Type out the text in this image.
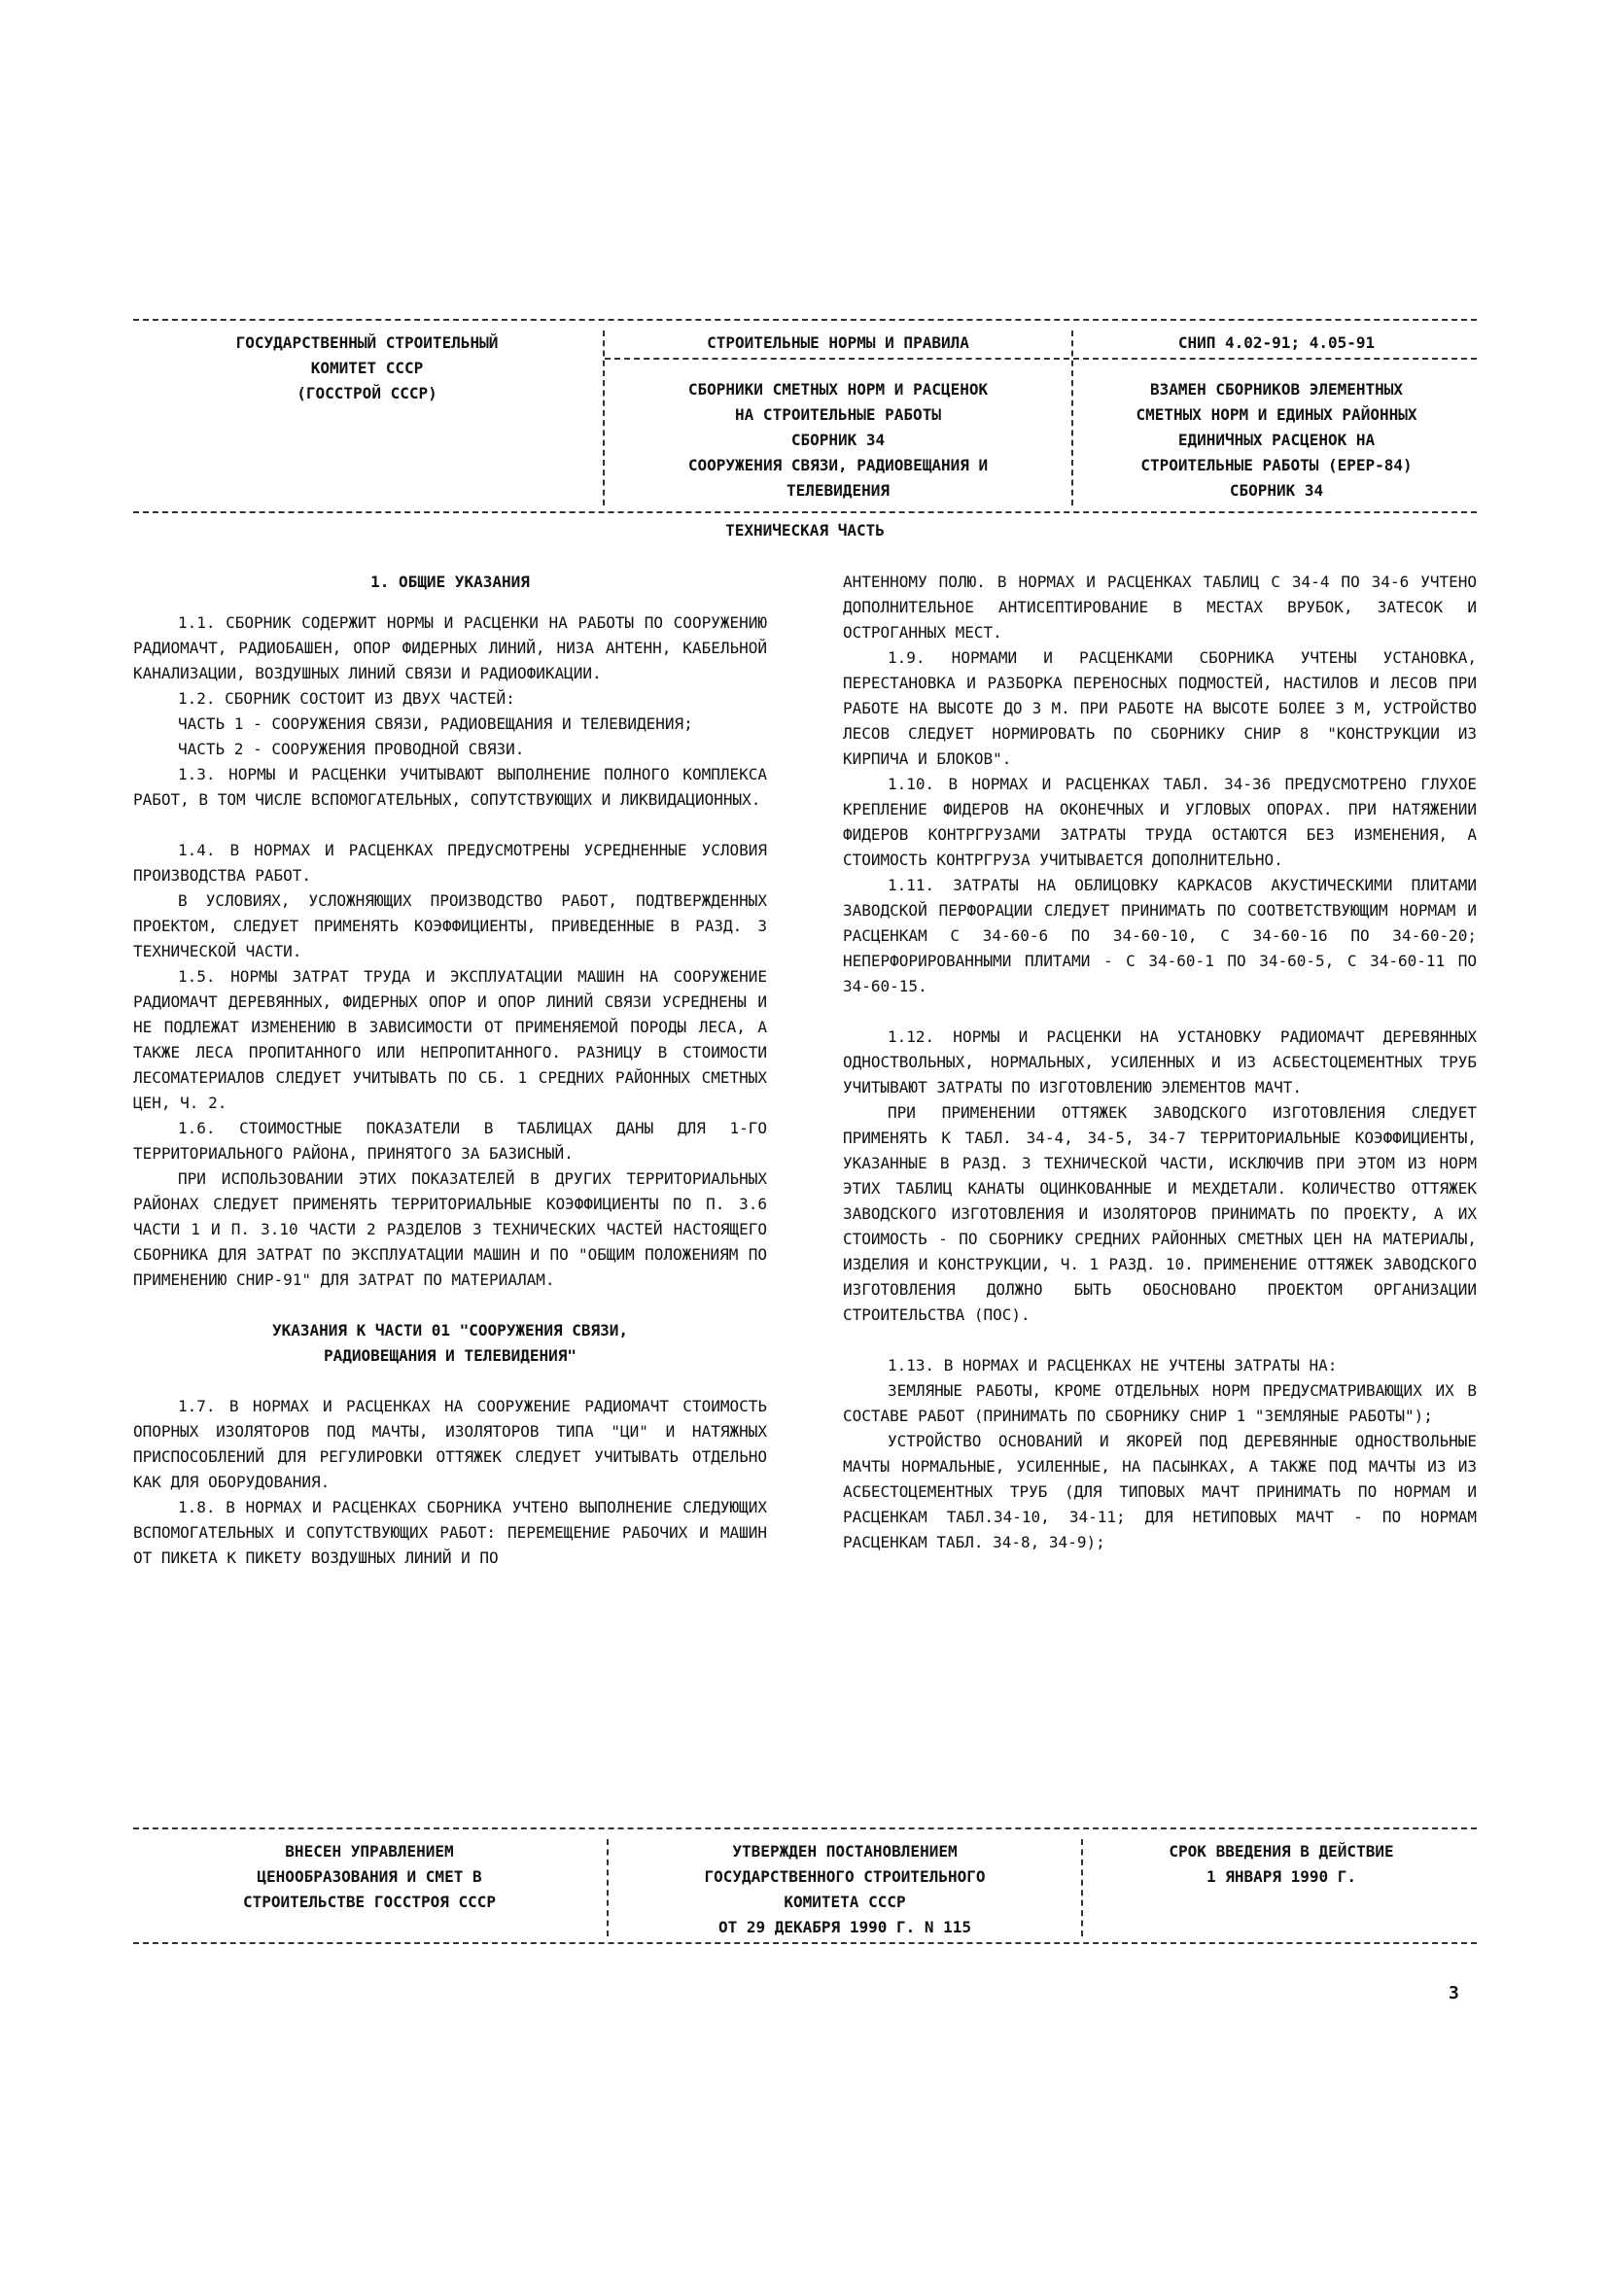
ГОСУДАРСТВЕННЫЙ СТРОИТЕЛЬНЫЙ
КОМИТЕТ СССР
(ГОССТРОЙ СССР)
СТРОИТЕЛЬНЫЕ НОРМЫ И ПРАВИЛА
СБОРНИКИ СМЕТНЫХ НОРМ И РАСЦЕНОК
НА СТРОИТЕЛЬНЫЕ РАБОТЫ
СБОРНИК 34
СООРУЖЕНИЯ СВЯЗИ, РАДИОВЕЩАНИЯ И
ТЕЛЕВИДЕНИЯ
СНИП 4.02-91; 4.05-91
ВЗАМЕН СБОРНИКОВ ЭЛЕМЕНТНЫХ
СМЕТНЫХ НОРМ И ЕДИНЫХ РАЙОННЫХ
ЕДИНИЧНЫХ РАСЦЕНОК НА
СТРОИТЕЛЬНЫЕ РАБОТЫ (ЕРЕР-84)
СБОРНИК 34
ТЕХНИЧЕСКАЯ ЧАСТЬ
1. ОБЩИЕ УКАЗАНИЯ

1.1. СБОРНИК СОДЕРЖИТ НОРМЫ И РАСЦЕНКИ НА РАБОТЫ ПО СООРУЖЕНИЮ РАДИОМАЧТ, РАДИОБАШЕН, ОПОР ФИДЕРНЫХ ЛИНИЙ, НИЗА АНТЕНН, КАБЕЛЬНОЙ КАНАЛИЗАЦИИ, ВОЗДУШНЫХ ЛИНИЙ СВЯЗИ И РАДИОФИКАЦИИ.

1.2. СБОРНИК СОСТОИТ ИЗ ДВУХ ЧАСТЕЙ:

ЧАСТЬ 1 - СООРУЖЕНИЯ СВЯЗИ, РАДИОВЕЩАНИЯ И ТЕЛЕВИДЕНИЯ;

ЧАСТЬ 2 - СООРУЖЕНИЯ ПРОВОДНОЙ СВЯЗИ.

1.3. НОРМЫ И РАСЦЕНКИ УЧИТЫВАЮТ ВЫПОЛНЕНИЕ ПОЛНОГО КОМПЛЕКСА РАБОТ, В ТОМ ЧИСЛЕ ВСПОМОГАТЕЛЬНЫХ, СОПУТСТВУЮЩИХ И ЛИКВИДАЦИОННЫХ.

1.4. В НОРМАХ И РАСЦЕНКАХ ПРЕДУСМОТРЕНЫ УСРЕДНЕННЫЕ УСЛОВИЯ ПРОИЗВОДСТВА РАБОТ.

В УСЛОВИЯХ, УСЛОЖНЯЮЩИХ ПРОИЗВОДСТВО РАБОТ, ПОДТВЕРЖДЕННЫХ ПРОЕКТОМ, СЛЕДУЕТ ПРИМЕНЯТЬ КОЭФФИЦИЕНТЫ, ПРИВЕДЕННЫЕ В РАЗД. 3 ТЕХНИЧЕСКОЙ ЧАСТИ.

1.5. НОРМЫ ЗАТРАТ ТРУДА И ЭКСПЛУАТАЦИИ МАШИН НА СООРУЖЕНИЕ РАДИОМАЧТ ДЕРЕВЯННЫХ, ФИДЕРНЫХ ОПОР И ОПОР ЛИНИЙ СВЯЗИ УСРЕДНЕНЫ И НЕ ПОДЛЕЖАТ ИЗМЕНЕНИЮ В ЗАВИСИМОСТИ ОТ ПРИМЕНЯЕМОЙ ПОРОДЫ ЛЕСА, А ТАКЖЕ ЛЕСА ПРОПИТАННОГО ИЛИ НЕПРОПИТАННОГО. РАЗНИЦУ В СТОИМОСТИ ЛЕСОМАТЕРИАЛОВ СЛЕДУЕТ УЧИТЫВАТЬ ПО СБ. 1 СРЕДНИХ РАЙОННЫХ СМЕТНЫХ ЦЕН, Ч. 2.

1.6. СТОИМОСТНЫЕ ПОКАЗАТЕЛИ В ТАБЛИЦАХ ДАНЫ ДЛЯ 1-ГО ТЕРРИТОРИАЛЬНОГО РАЙОНА, ПРИНЯТОГО ЗА БАЗИСНЫЙ.

ПРИ ИСПОЛЬЗОВАНИИ ЭТИХ ПОКАЗАТЕЛЕЙ В ДРУГИХ ТЕРРИТОРИАЛЬНЫХ РАЙОНАХ СЛЕДУЕТ ПРИМЕНЯТЬ ТЕРРИТОРИАЛЬНЫЕ КОЭФФИЦИЕНТЫ ПО П. 3.6 ЧАСТИ 1 И П. 3.10 ЧАСТИ 2 РАЗДЕЛОВ 3 ТЕХНИЧЕСКИХ ЧАСТЕЙ НАСТОЯЩЕГО СБОРНИКА ДЛЯ ЗАТРАТ ПО ЭКСПЛУАТАЦИИ МАШИН И ПО "ОБЩИМ ПОЛОЖЕНИЯМ ПО ПРИМЕНЕНИЮ СНИР-91" ДЛЯ ЗАТРАТ ПО МАТЕРИАЛАМ.

УКАЗАНИЯ К ЧАСТИ 01 "СООРУЖЕНИЯ СВЯЗИ,
РАДИОВЕЩАНИЯ И ТЕЛЕВИДЕНИЯ"

1.7. В НОРМАХ И РАСЦЕНКАХ НА СООРУЖЕНИЕ РАДИОМАЧТ СТОИМОСТЬ ОПОРНЫХ ИЗОЛЯТОРОВ ПОД МАЧТЫ, ИЗОЛЯТОРОВ ТИПА "ЦИ" И НАТЯЖНЫХ ПРИСПОСОБЛЕНИЙ ДЛЯ РЕГУЛИРОВКИ ОТТЯЖЕК СЛЕДУЕТ УЧИТЫВАТЬ ОТДЕЛЬНО КАК ДЛЯ ОБОРУДОВАНИЯ.

1.8. В НОРМАХ И РАСЦЕНКАХ СБОРНИКА УЧТЕНО ВЫПОЛНЕНИЕ СЛЕДУЮЩИХ ВСПОМОГАТЕЛЬНЫХ И СОПУТСТВУЮЩИХ РАБОТ: ПЕРЕМЕЩЕНИЕ РАБОЧИХ И МАШИН ОТ ПИКЕТА К ПИКЕТУ ВОЗДУШНЫХ ЛИНИЙ И ПО

АНТЕННОМУ ПОЛЮ. В НОРМАХ И РАСЦЕНКАХ ТАБЛИЦ С 34-4 ПО 34-6 УЧТЕНО ДОПОЛНИТЕЛЬНОЕ АНТИСЕПТИРОВАНИЕ В МЕСТАХ ВРУБОК, ЗАТЕСОК И ОСТРОГАННЫХ МЕСТ.

1.9. НОРМАМИ И РАСЦЕНКАМИ СБОРНИКА УЧТЕНЫ УСТАНОВКА, ПЕРЕСТАНОВКА И РАЗБОРКА ПЕРЕНОСНЫХ ПОДМОСТЕЙ, НАСТИЛОВ И ЛЕСОВ ПРИ РАБОТЕ НА ВЫСОТЕ ДО 3 М. ПРИ РАБОТЕ НА ВЫСОТЕ БОЛЕЕ 3 М, УСТРОЙСТВО ЛЕСОВ СЛЕДУЕТ НОРМИРОВАТЬ ПО СБОРНИКУ СНИР 8 "КОНСТРУКЦИИ ИЗ КИРПИЧА И БЛОКОВ".

1.10. В НОРМАХ И РАСЦЕНКАХ ТАБЛ. 34-36 ПРЕДУСМОТРЕНО ГЛУХОЕ КРЕПЛЕНИЕ ФИДЕРОВ НА ОКОНЕЧНЫХ И УГЛОВЫХ ОПОРАХ. ПРИ НАТЯЖЕНИИ ФИДЕРОВ КОНТРГРУЗАМИ ЗАТРАТЫ ТРУДА ОСТАЮТСЯ БЕЗ ИЗМЕНЕНИЯ, А СТОИМОСТЬ КОНТРГРУЗА УЧИТЫВАЕТСЯ ДОПОЛНИТЕЛЬНО.

1.11. ЗАТРАТЫ НА ОБЛИЦОВКУ КАРКАСОВ АКУСТИЧЕСКИМИ ПЛИТАМИ ЗАВОДСКОЙ ПЕРФОРАЦИИ СЛЕДУЕТ ПРИНИМАТЬ ПО СООТВЕТСТВУЮЩИМ НОРМАМ И РАСЦЕНКАМ С 34-60-6 ПО 34-60-10, С 34-60-16 ПО 34-60-20; НЕПЕРФОРИРОВАННЫМИ ПЛИТАМИ - С 34-60-1 ПО 34-60-5, С 34-60-11 ПО 34-60-15.

1.12. НОРМЫ И РАСЦЕНКИ НА УСТАНОВКУ РАДИОМАЧТ ДЕРЕВЯННЫХ ОДНОСТВОЛЬНЫХ, НОРМАЛЬНЫХ, УСИЛЕННЫХ И ИЗ АСБЕСТОЦЕМЕНТНЫХ ТРУБ УЧИТЫВАЮТ ЗАТРАТЫ ПО ИЗГОТОВЛЕНИЮ ЭЛЕМЕНТОВ МАЧТ.

ПРИ ПРИМЕНЕНИИ ОТТЯЖЕК ЗАВОДСКОГО ИЗГОТОВЛЕНИЯ СЛЕДУЕТ ПРИМЕНЯТЬ К ТАБЛ. 34-4, 34-5, 34-7 ТЕРРИТОРИАЛЬНЫЕ КОЭФФИЦИЕНТЫ, УКАЗАННЫЕ В РАЗД. 3 ТЕХНИЧЕСКОЙ ЧАСТИ, ИСКЛЮЧИВ ПРИ ЭТОМ ИЗ НОРМ ЭТИХ ТАБЛИЦ КАНАТЫ ОЦИНКОВАННЫЕ И МЕХДЕТАЛИ. КОЛИЧЕСТВО ОТТЯЖЕК ЗАВОДСКОГО ИЗГОТОВЛЕНИЯ И ИЗОЛЯТОРОВ ПРИНИМАТЬ ПО ПРОЕКТУ, А ИХ СТОИМОСТЬ - ПО СБОРНИКУ СРЕДНИХ РАЙОННЫХ СМЕТНЫХ ЦЕН НА МАТЕРИАЛЫ, ИЗДЕЛИЯ И КОНСТРУКЦИИ, Ч. 1 РАЗД. 10. ПРИМЕНЕНИЕ ОТТЯЖЕК ЗАВОДСКОГО ИЗГОТОВЛЕНИЯ ДОЛЖНО БЫТЬ ОБОСНОВАНО ПРОЕКТОМ ОРГАНИЗАЦИИ СТРОИТЕЛЬСТВА (ПОС).

1.13. В НОРМАХ И РАСЦЕНКАХ НЕ УЧТЕНЫ ЗАТРАТЫ НА:

ЗЕМЛЯНЫЕ РАБОТЫ, КРОМЕ ОТДЕЛЬНЫХ НОРМ ПРЕДУСМАТРИВАЮЩИХ ИХ В СОСТАВЕ РАБОТ (ПРИНИМАТЬ ПО СБОРНИКУ СНИР 1 "ЗЕМЛЯНЫЕ РАБОТЫ");

УСТРОЙСТВО ОСНОВАНИЙ И ЯКОРЕЙ ПОД ДЕРЕВЯННЫЕ ОДНОСТВОЛЬНЫЕ МАЧТЫ НОРМАЛЬНЫЕ, УСИЛЕННЫЕ, НА ПАСЫНКАХ, А ТАКЖЕ ПОД МАЧТЫ ИЗ ИЗ АСБЕСТОЦЕМЕНТНЫХ ТРУБ (ДЛЯ ТИПОВЫХ МАЧТ ПРИНИМАТЬ ПО НОРМАМ И РАСЦЕНКАМ ТАБЛ.34-10, 34-11; ДЛЯ НЕТИПОВЫХ МАЧТ - ПО НОРМАМ РАСЦЕНКАМ ТАБЛ. 34-8, 34-9);

ВНЕСЕН УПРАВЛЕНИЕМ
ЦЕНООБРАЗОВАНИЯ И СМЕТ В
СТРОИТЕЛЬСТВЕ ГОССТРОЯ СССР
УТВЕРЖДЕН ПОСТАНОВЛЕНИЕМ
ГОСУДАРСТВЕННОГО СТРОИТЕЛЬНОГО
КОМИТЕТА СССР
ОТ 29 ДЕКАБРЯ 1990 Г. N 115
СРОК ВВЕДЕНИЯ В ДЕЙСТВИЕ
1 ЯНВАРЯ 1990 Г.
3
